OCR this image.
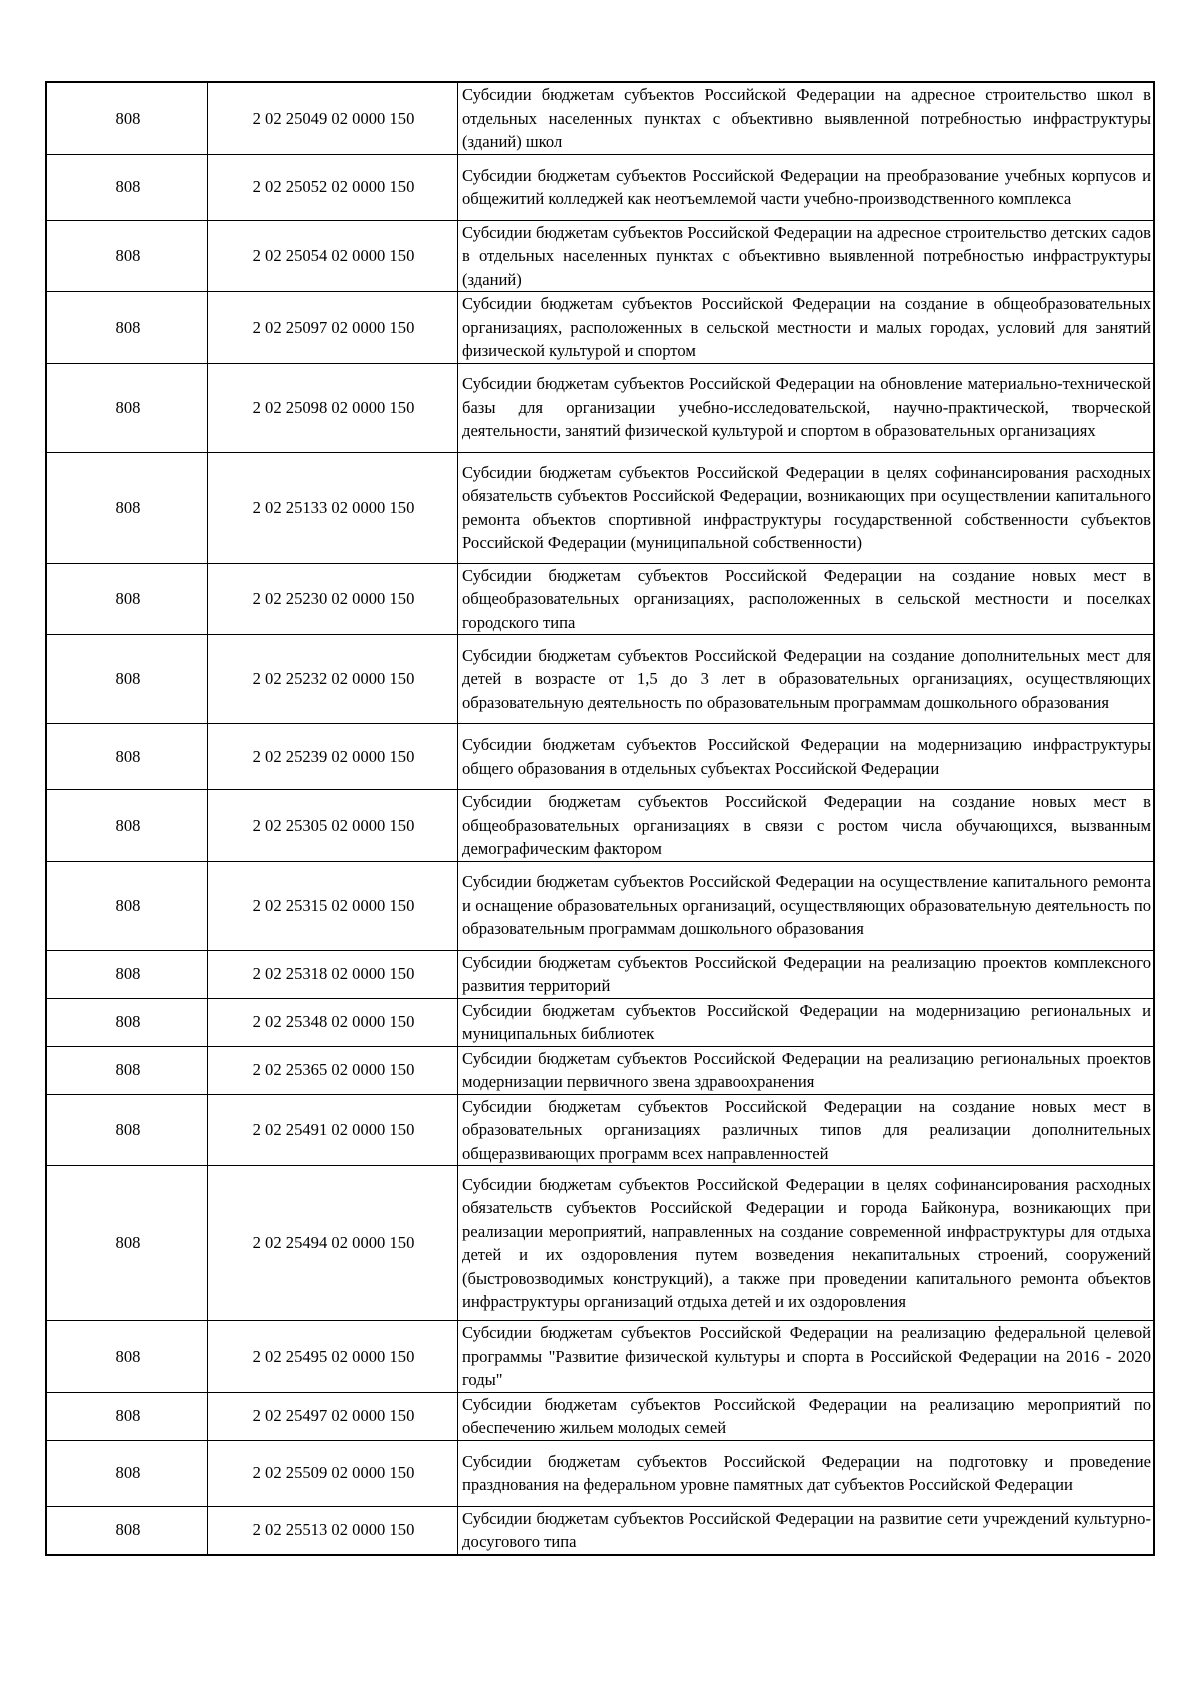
808	2 02 25049 02 0000 150	Субсидии бюджетам субъектов Российской Федерации на адресное строительство школ в отдельных населенных пунктах с объективно выявленной потребностью инфраструктуры (зданий) школ
808	2 02 25052 02 0000 150	Субсидии бюджетам субъектов Российской Федерации на преобразование учебных корпусов и общежитий колледжей как неотъемлемой части учебно-производственного комплекса
808	2 02 25054 02 0000 150	Субсидии бюджетам субъектов Российской Федерации на адресное строительство детских садов в отдельных населенных пунктах с объективно выявленной потребностью инфраструктуры (зданий)
808	2 02 25097 02 0000 150	Субсидии бюджетам субъектов Российской Федерации на создание в общеобразовательных организациях, расположенных в сельской местности и малых городах, условий для занятий физической культурой и спортом
808	2 02 25098 02 0000 150	Субсидии бюджетам субъектов Российской Федерации на обновление материально-технической базы для организации учебно-исследовательской, научно-практической, творческой деятельности, занятий физической культурой и спортом в образовательных организациях
808	2 02 25133 02 0000 150	Субсидии бюджетам субъектов Российской Федерации в целях софинансирования расходных обязательств субъектов Российской Федерации, возникающих при осуществлении капитального ремонта объектов спортивной инфраструктуры государственной собственности субъектов Российской Федерации (муниципальной собственности)
808	2 02 25230 02 0000 150	Субсидии бюджетам субъектов Российской Федерации на создание новых мест в общеобразовательных организациях, расположенных в сельской местности и поселках городского типа
808	2 02 25232 02 0000 150	Субсидии бюджетам субъектов Российской Федерации на создание дополнительных мест для детей в возрасте от 1,5 до 3 лет в образовательных организациях, осуществляющих образовательную деятельность по образовательным программам дошкольного образования
808	2 02 25239 02 0000 150	Субсидии бюджетам субъектов Российской Федерации на модернизацию инфраструктуры общего образования в отдельных субъектах Российской Федерации
808	2 02 25305 02 0000 150	Субсидии бюджетам субъектов Российской Федерации на создание новых мест в общеобразовательных организациях в связи с ростом числа обучающихся, вызванным демографическим фактором
808	2 02 25315 02 0000 150	Субсидии бюджетам субъектов Российской Федерации на осуществление капитального ремонта и оснащение образовательных организаций, осуществляющих образовательную деятельность по образовательным программам дошкольного образования
808	2 02 25318 02 0000 150	Субсидии бюджетам субъектов Российской Федерации на реализацию проектов комплексного развития территорий
808	2 02 25348 02 0000 150	Субсидии бюджетам субъектов Российской Федерации на модернизацию региональных и муниципальных библиотек
808	2 02 25365 02 0000 150	Субсидии бюджетам субъектов Российской Федерации на реализацию региональных проектов модернизации первичного звена здравоохранения
808	2 02 25491 02 0000 150	Субсидии бюджетам субъектов Российской Федерации на создание новых мест в образовательных организациях различных типов для реализации дополнительных общеразвивающих программ всех направленностей
808	2 02 25494 02 0000 150	Субсидии бюджетам субъектов Российской Федерации в целях софинансирования расходных обязательств субъектов Российской Федерации и города Байконура, возникающих при реализации мероприятий, направленных на создание современной инфраструктуры для отдыха детей и их оздоровления путем возведения некапитальных строений, сооружений (быстровозводимых конструкций), а также при проведении капитального ремонта объектов инфраструктуры организаций отдыха детей и их оздоровления
808	2 02 25495 02 0000 150	Субсидии бюджетам субъектов Российской Федерации на реализацию федеральной целевой программы "Развитие физической культуры и спорта в Российской Федерации на 2016 - 2020 годы"
808	2 02 25497 02 0000 150	Субсидии бюджетам субъектов Российской Федерации на реализацию мероприятий по обеспечению жильем молодых семей
808	2 02 25509 02 0000 150	Субсидии бюджетам субъектов Российской Федерации на подготовку и проведение празднования на федеральном уровне памятных дат субъектов Российской Федерации
808	2 02 25513 02 0000 150	Субсидии бюджетам субъектов Российской Федерации на развитие сети учреждений культурно-досугового типа
